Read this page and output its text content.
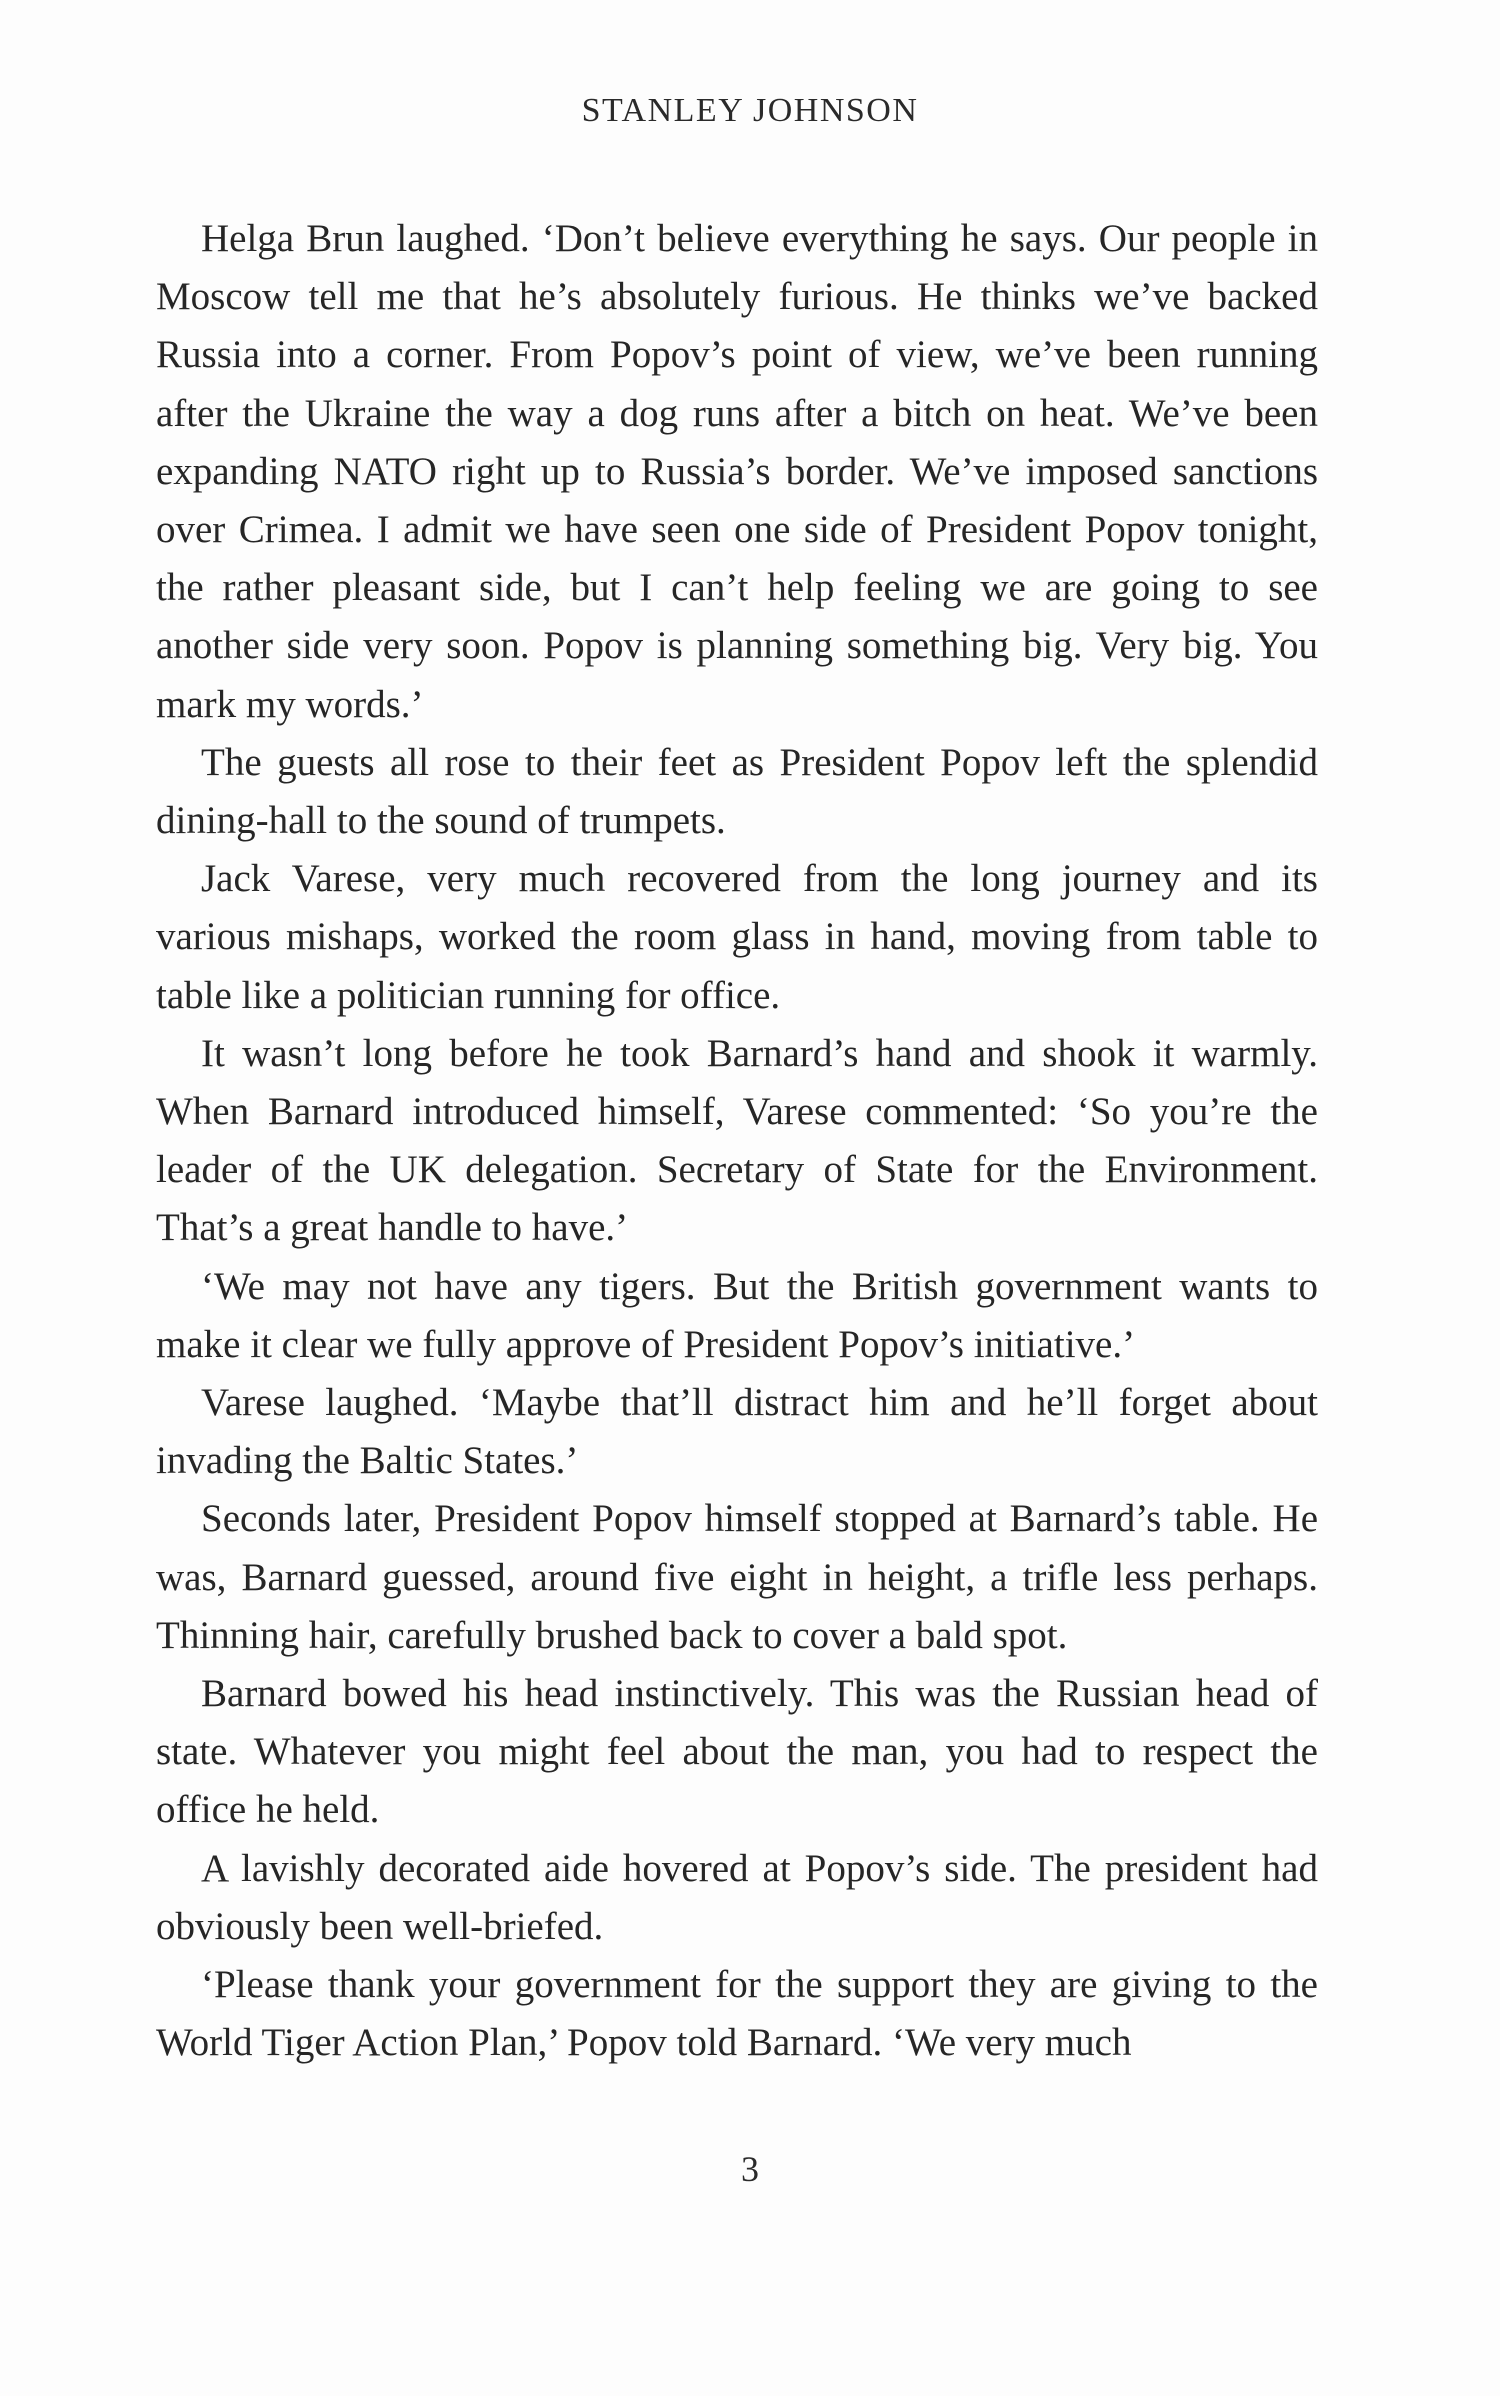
STANLEY JOHNSON

Helga Brun laughed. ‘Don’t believe everything he says. Our people in Moscow tell me that he’s absolutely furious. He thinks we’ve backed Russia into a corner. From Popov’s point of view, we’ve been running after the Ukraine the way a dog runs after a bitch on heat. We’ve been expanding NATO right up to Russia’s border. We’ve imposed sanctions over Crimea. I admit we have seen one side of President Popov tonight, the rather pleasant side, but I can’t help feeling we are going to see another side very soon. Popov is planning something big. Very big. You mark my words.’

The guests all rose to their feet as President Popov left the splendid dining-hall to the sound of trumpets.

Jack Varese, very much recovered from the long journey and its various mishaps, worked the room glass in hand, moving from table to table like a politician running for office.

It wasn’t long before he took Barnard’s hand and shook it warmly. When Barnard introduced himself, Varese commented: ‘So you’re the leader of the UK delegation. Secretary of State for the Environment. That’s a great handle to have.’

‘We may not have any tigers. But the British government wants to make it clear we fully approve of President Popov’s initiative.’

Varese laughed. ‘Maybe that’ll distract him and he’ll forget about invading the Baltic States.’

Seconds later, President Popov himself stopped at Barnard’s table. He was, Barnard guessed, around five eight in height, a trifle less perhaps. Thinning hair, carefully brushed back to cover a bald spot.

Barnard bowed his head instinctively. This was the Russian head of state. Whatever you might feel about the man, you had to respect the office he held.

A lavishly decorated aide hovered at Popov’s side. The president had obviously been well-briefed.

‘Please thank your government for the support they are giving to the World Tiger Action Plan,’ Popov told Barnard. ‘We very much

3
